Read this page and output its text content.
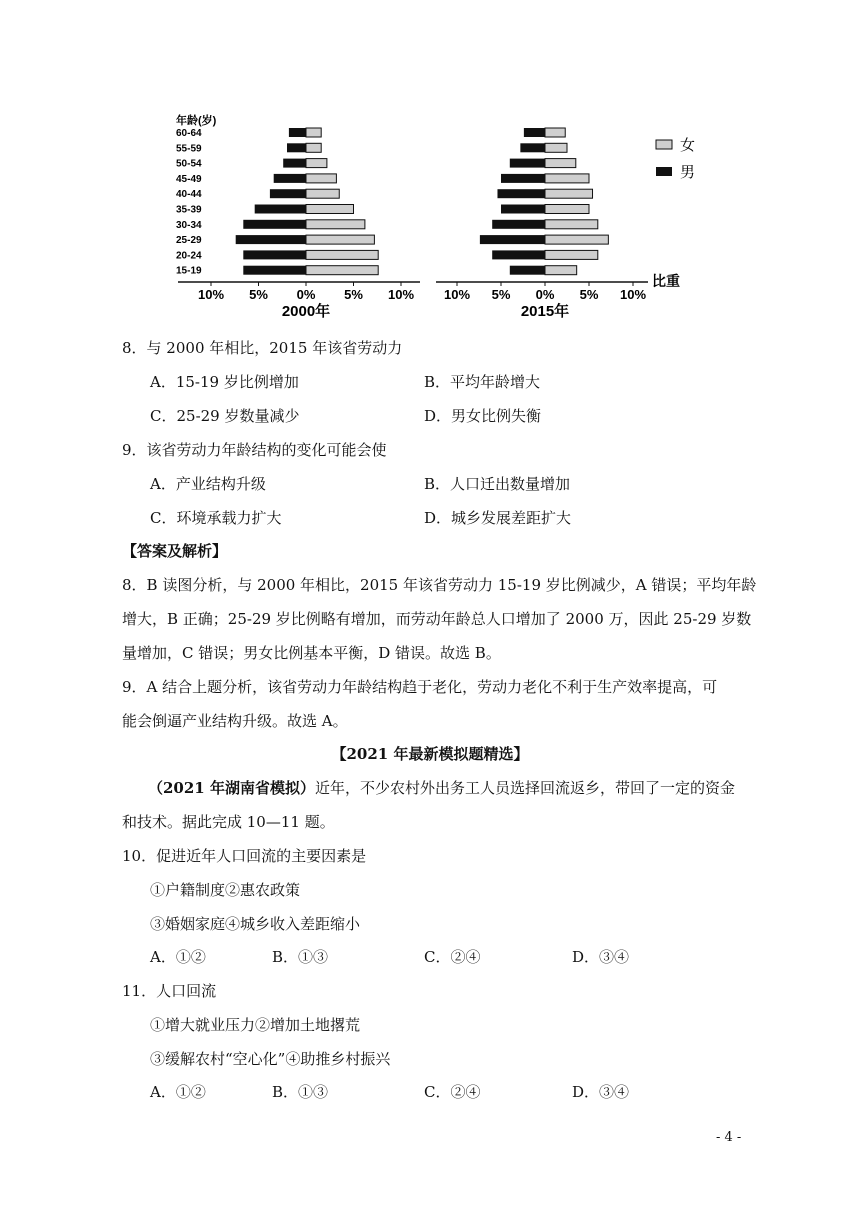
年龄(岁)
60-64
55-59
50-54
45-49
40-44
35-39
30-34
25-29
20-24
15-19
10% 5% 0% 5% 10%
2000年
10% 5% 0% 5% 10%
2015年
比重
女
男
8．与 2000 年相比，2015 年该省劳动力
A．15-19 岁比例增加	B．平均年龄增大
C．25-29 岁数量减少	D．男女比例失衡
9．该省劳动力年龄结构的变化可能会使
A．产业结构升级	B．人口迁出数量增加
C．环境承载力扩大	D．城乡发展差距扩大
【答案及解析】
8．B 读图分析，与 2000 年相比，2015 年该省劳动力 15-19 岁比例减少，A 错误；平均年龄
增大，B 正确；25-29 岁比例略有增加，而劳动年龄总人口增加了 2000 万，因此 25-29 岁数
量增加，C 错误；男女比例基本平衡，D 错误。故选 B。
9．A 结合上题分析，该省劳动力年龄结构趋于老化，劳动力老化不利于生产效率提高，可
能会倒逼产业结构升级。故选 A。
【2021 年最新模拟题精选】
（2021 年湖南省模拟）近年，不少农村外出务工人员选择回流返乡，带回了一定的资金
和技术。据此完成 10—11 题。
10．促进近年人口回流的主要因素是
①户籍制度②惠农政策
③婚姻家庭④城乡收入差距缩小
A．①②	B．①③	C．②④	D．③④
11．人口回流
①增大就业压力②增加土地撂荒
③缓解农村“空心化”④助推乡村振兴
A．①②	B．①③	C．②④	D．③④
- 4 -
